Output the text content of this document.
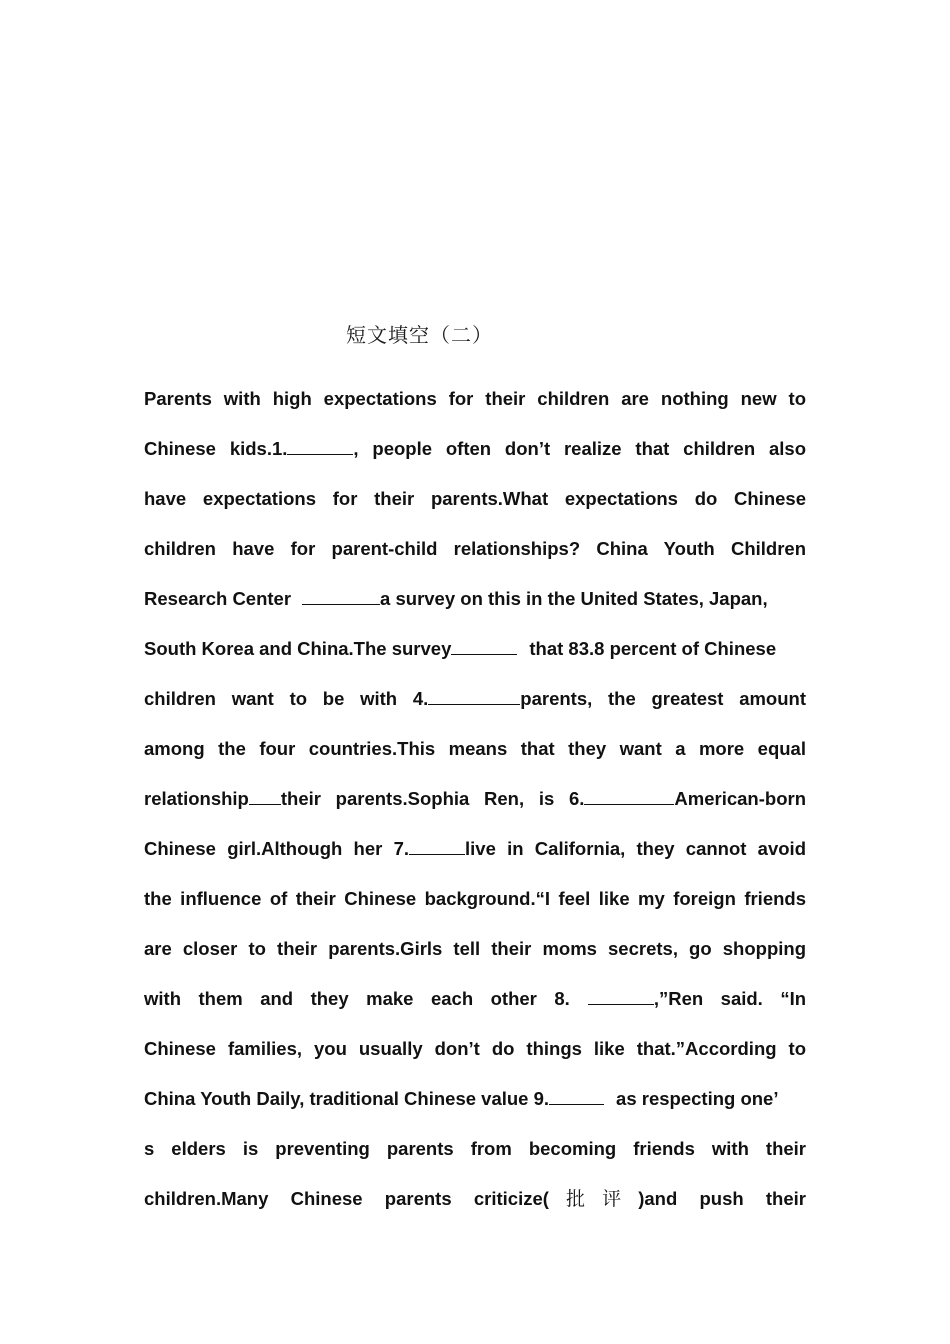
短文填空（二）
Parents with high expectations for their children are nothing new to
Chinese kids.1.	, people often don’t realize that children also
have expectations for their parents.What expectations do Chinese
children have for parent-child relationships? China Youth Children
Research Center	a survey on this in the United States, Japan,
South Korea and China.The survey	that 83.8 percent of Chinese
children want to be with 4.	parents, the greatest amount
among the four countries.This means that they want a more equal
relationship their parents.Sophia Ren, is 6.	American-born
Chinese girl.Although her 7.	live in California, they cannot avoid
the influence of their Chinese background.“I feel like my foreign friends
are closer to their parents.Girls tell their moms secrets, go shopping
with them and they make each other 8.	,”Ren said. “In
Chinese families, you usually don’t do things like that.”According to
China Youth Daily, traditional Chinese value 9.	as respecting one’
s elders is preventing parents from becoming friends with their
children.Many Chinese parents criticize(批评)and push their
